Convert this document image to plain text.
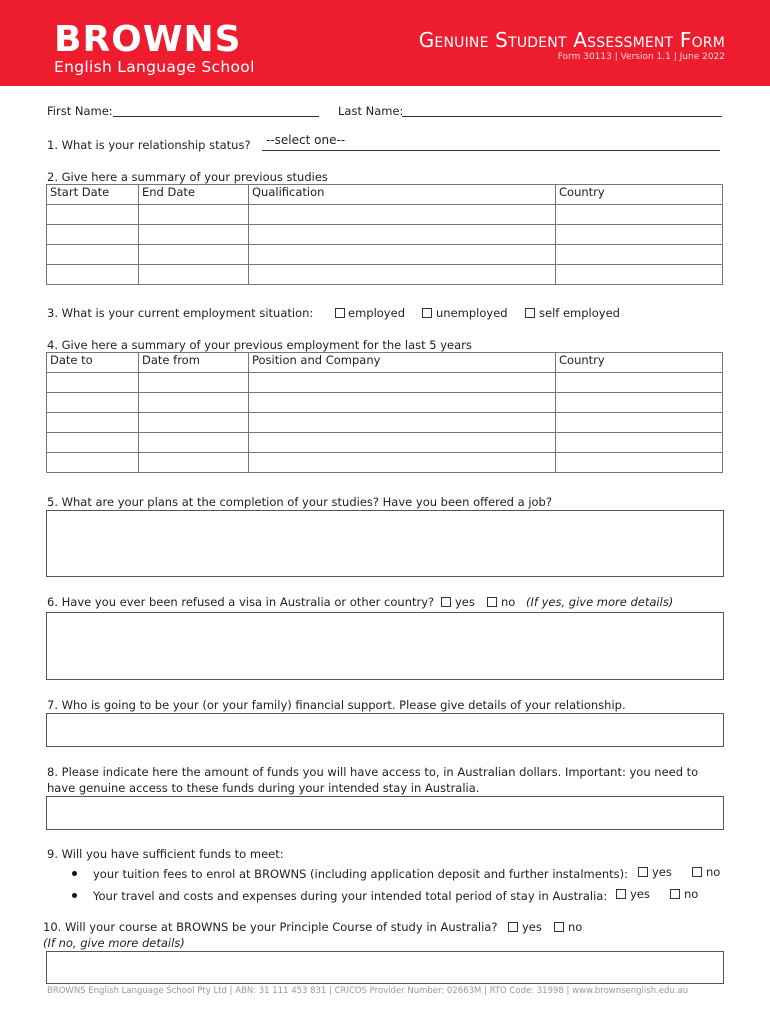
BROWNS
English Language School
Genuine Student Assessment Form
Form 30113 | Version 1.1 | June 2022
First Name:	Last Name:
1. What is your relationship status? --select one--
2. Give here a summary of your previous studies
Start Date	End Date	Qualification	Country

3. What is your current employment situation:	employed	unemployed	self employed
4. Give here a summary of your previous employment for the last 5 years
Date to	Date from	Position and Company	Country

5. What are your plans at the completion of your studies? Have you been offered a job?
6. Have you ever been refused a visa in Australia or other country? yes no (If yes, give more details)
7. Who is going to be your (or your family) financial support. Please give details of your relationship.
8. Please indicate here the amount of funds you will have access to, in Australian dollars. Important: you need to
have genuine access to these funds during your intended stay in Australia.
9. Will you have sufficient funds to meet:
your tuition fees to enrol at BROWNS (including application deposit and further instalments): yes	no
Your travel and costs and expenses during your intended total period of stay in Australia: yes	no
10. Will your course at BROWNS be your Principle Course of study in Australia? yes no
(If no, give more details)
BROWNS English Language School Pty Ltd | ABN: 31 111 453 831 | CRICOS Provider Number: 02663M | RTO Code: 31998 | www.brownsenglish.edu.au
